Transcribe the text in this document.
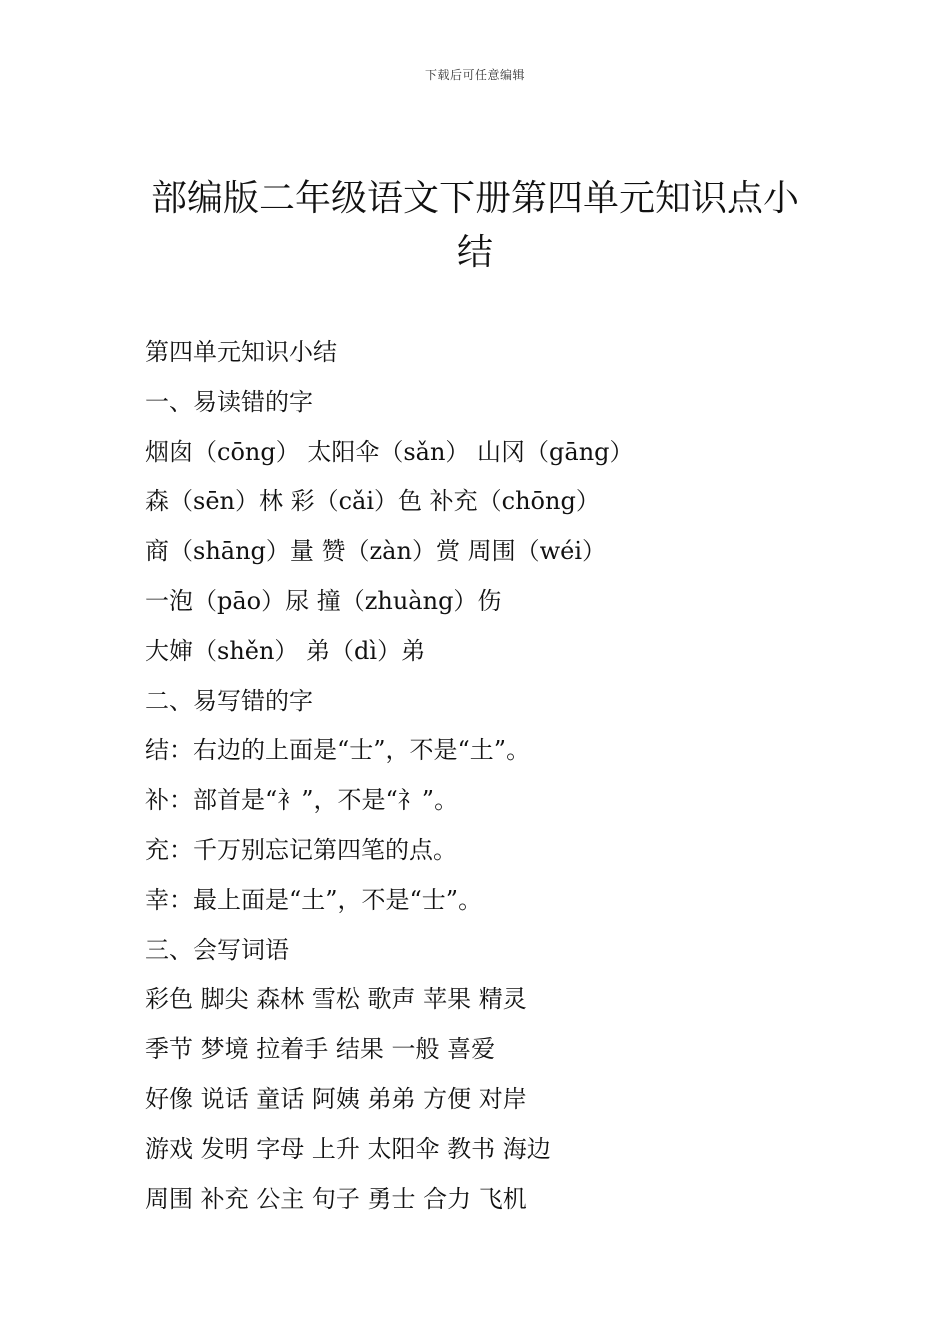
下载后可任意编辑
部编版二年级语文下册第四单元知识点小结
第四单元知识小结
一、易读错的字
烟囱（cōng） 太阳伞（sǎn） 山冈（gāng）
森（sēn）林 彩（cǎi）色 补充（chōng）
商（shāng）量 赞（zàn）赏 周围（wéi）
一泡（pāo）尿 撞（zhuàng）伤
大婶（shěn） 弟（dì）弟
二、易写错的字
结：右边的上面是“士”，不是“土”。
补：部首是“衤”，不是“礻”。
充：千万别忘记第四笔的点。
幸：最上面是“土”，不是“士”。
三、会写词语
彩色 脚尖 森林 雪松 歌声 苹果 精灵
季节 梦境 拉着手 结果 一般 喜爱
好像 说话 童话 阿姨 弟弟 方便 对岸
游戏 发明 字母 上升 太阳伞 教书 海边
周围 补充 公主 句子 勇士 合力 飞机
